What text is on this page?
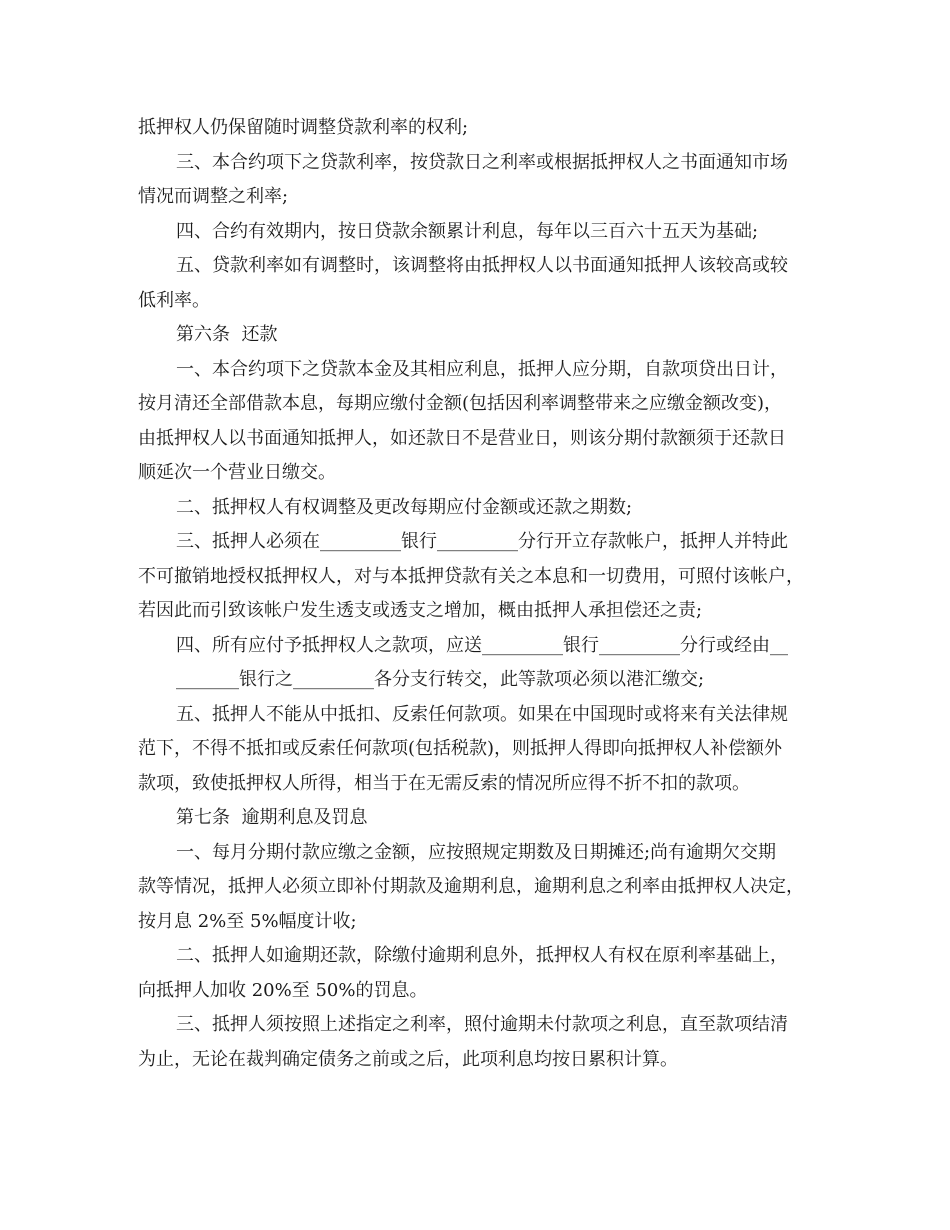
抵押权人仍保留随时调整贷款利率的权利;
三、本合约项下之贷款利率，按贷款日之利率或根据抵押权人之书面通知市场
情况而调整之利率;
四、合约有效期内，按日贷款余额累计利息，每年以三百六十五天为基础;
五、贷款利率如有调整时，该调整将由抵押权人以书面通知抵押人该较高或较
低利率。
第六条  还款
一、本合约项下之贷款本金及其相应利息，抵押人应分期，自款项贷出日计，
按月清还全部借款本息，每期应缴付金额(包括因利率调整带来之应缴金额改变)，
由抵押权人以书面通知抵押人，如还款日不是营业日，则该分期付款额须于还款日
顺延次一个营业日缴交。
二、抵押权人有权调整及更改每期应付金额或还款之期数;
三、抵押人必须在_________银行_________分行开立存款帐户，抵押人并特此
不可撤销地授权抵押权人，对与本抵押贷款有关之本息和一切费用，可照付该帐户，
若因此而引致该帐户发生透支或透支之增加，概由抵押人承担偿还之责;
四、所有应付予抵押权人之款项，应送_________银行_________分行或经由__
_______银行之_________各分支行转交，此等款项必须以港汇缴交;
五、抵押人不能从中抵扣、反索任何款项。如果在中国现时或将来有关法律规
范下，不得不抵扣或反索任何款项(包括税款)，则抵押人得即向抵押权人补偿额外
款项，致使抵押权人所得，相当于在无需反索的情况所应得不折不扣的款项。
第七条  逾期利息及罚息
一、每月分期付款应缴之金额，应按照规定期数及日期摊还;尚有逾期欠交期
款等情况，抵押人必须立即补付期款及逾期利息，逾期利息之利率由抵押权人决定，
按月息 2%至 5%幅度计收;
二、抵押人如逾期还款，除缴付逾期利息外，抵押权人有权在原利率基础上，
向抵押人加收 20%至 50%的罚息。
三、抵押人须按照上述指定之利率，照付逾期未付款项之利息，直至款项结清
为止，无论在裁判确定债务之前或之后，此项利息均按日累积计算。
